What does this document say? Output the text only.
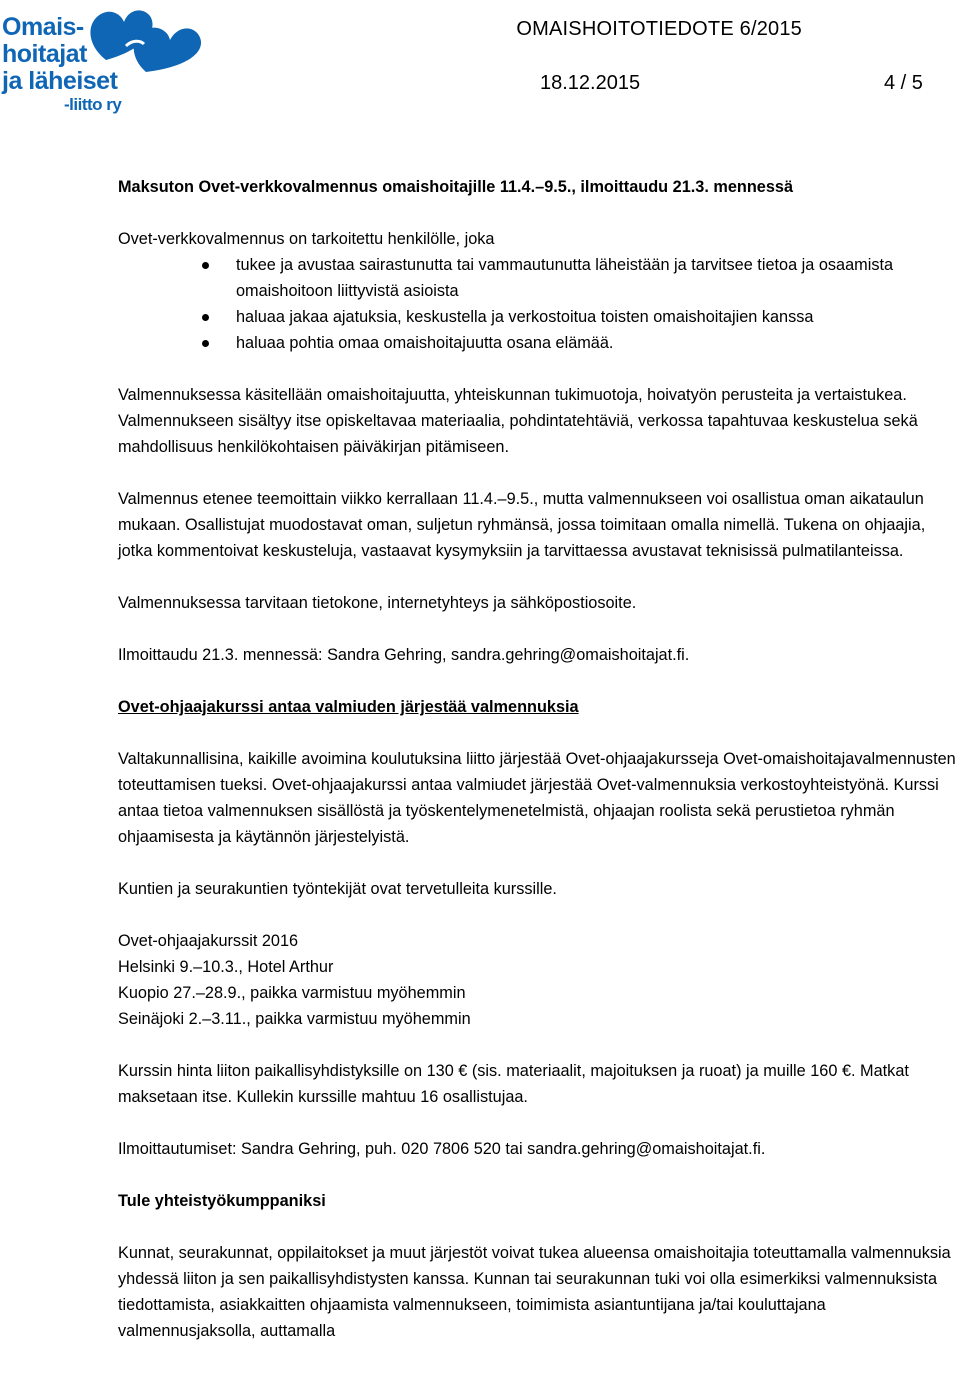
Omais-
hoitajat
ja läheiset
-liitto ry
OMAISHOITOTIEDOTE 6/2015
18.12.2015	4 / 5

Maksuton Ovet-verkkovalmennus omaishoitajille 11.4.–9.5., ilmoittaudu 21.3. mennessä

Ovet-verkkovalmennus on tarkoitettu henkilölle, joka

tukee ja avustaa sairastunutta tai vammautunutta läheistään ja tarvitsee tietoa ja osaamista omaishoitoon liittyvistä asioista
haluaa jakaa ajatuksia, keskustella ja verkostoitua toisten omaishoitajien kanssa
haluaa pohtia omaa omaishoitajuutta osana elämää.

Valmennuksessa käsitellään omaishoitajuutta, yhteiskunnan tukimuotoja, hoivatyön perusteita ja vertaistukea. Valmennukseen sisältyy itse opiskeltavaa materiaalia, pohdintatehtäviä, verkossa tapahtuvaa keskustelua sekä mahdollisuus henkilökohtaisen päiväkirjan pitämiseen.

Valmennus etenee teemoittain viikko kerrallaan 11.4.–9.5., mutta valmennukseen voi osallistua oman aikataulun mukaan. Osallistujat muodostavat oman, suljetun ryhmänsä, jossa toimitaan omalla nimellä. Tukena on ohjaajia, jotka kommentoivat keskusteluja, vastaavat kysymyksiin ja tarvittaessa avustavat teknisissä pulmatilanteissa.

Valmennuksessa tarvitaan tietokone, internetyhteys ja sähköpostiosoite.

Ilmoittaudu 21.3. mennessä: Sandra Gehring, sandra.gehring@omaishoitajat.fi.

Ovet-ohjaajakurssi antaa valmiuden järjestää valmennuksia

Valtakunnallisina, kaikille avoimina koulutuksina liitto järjestää Ovet-ohjaajakursseja Ovet-omaishoitajavalmennusten toteuttamisen tueksi. Ovet-ohjaajakurssi antaa valmiudet järjestää Ovet-valmennuksia verkostoyhteistyönä. Kurssi antaa tietoa valmennuksen sisällöstä ja työskentelymenetelmistä, ohjaajan roolista sekä perustietoa ryhmän ohjaamisesta ja käytännön järjestelyistä.

Kuntien ja seurakuntien työntekijät ovat tervetulleita kurssille.

Ovet-ohjaajakurssit 2016
Helsinki 9.–10.3., Hotel Arthur
Kuopio 27.–28.9., paikka varmistuu myöhemmin
Seinäjoki 2.–3.11., paikka varmistuu myöhemmin

Kurssin hinta liiton paikallisyhdistyksille on 130 € (sis. materiaalit, majoituksen ja ruoat) ja muille 160 €. Matkat maksetaan itse. Kullekin kurssille mahtuu 16 osallistujaa.

Ilmoittautumiset: Sandra Gehring, puh. 020 7806 520 tai sandra.gehring@omaishoitajat.fi.

Tule yhteistyökumppaniksi

Kunnat, seurakunnat, oppilaitokset ja muut järjestöt voivat tukea alueensa omaishoitajia toteuttamalla valmennuksia yhdessä liiton ja sen paikallisyhdistysten kanssa. Kunnan tai seurakunnan tuki voi olla esimerkiksi valmennuksista tiedottamista, asiakkaitten ohjaamista valmennukseen, toimimista asiantuntijana ja/tai kouluttajana valmennusjaksolla, auttamalla
